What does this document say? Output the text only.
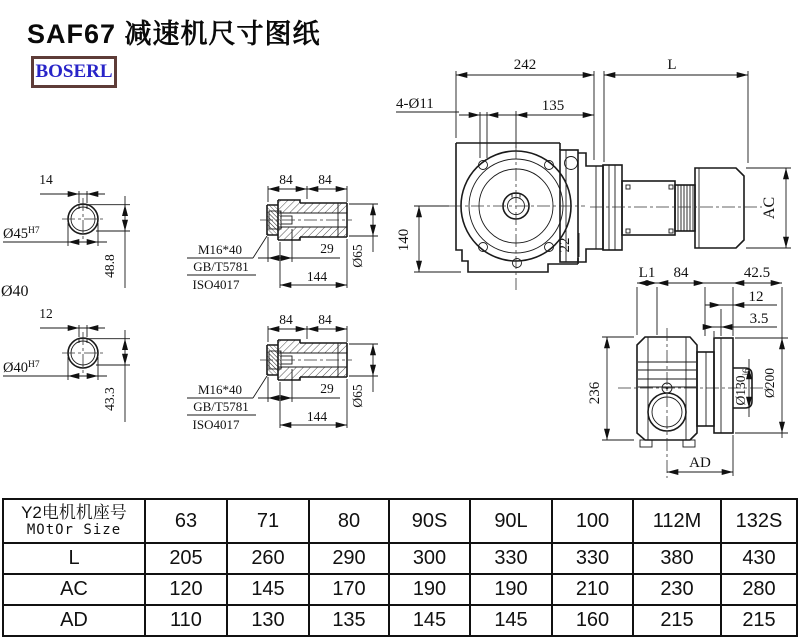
SAF67 减速机尺寸图纸
BOSERL
14
$Ø45^{H7}$
48.8
Ø40
12
$Ø40^{H7}$
43.3
84 84
29
144
Ø65
M16*40
GB/T5781
ISO4017
84 84
29
144
Ø65
M16*40
GB/T5781
ISO4017
242	L
135
4-Ø11
140	22
AC
L1 84	42.5
12
3.5
236	$Ø130_{j6}$ Ø200
AD
Y2电机机座号
MOtOr Size	63	71	80	90S	90L	100	112M	132S
L	205	260	290	300	330	330	380	430
AC	120	145	170	190	190	210	230	280
AD	110	130	135	145	145	160	215	215
